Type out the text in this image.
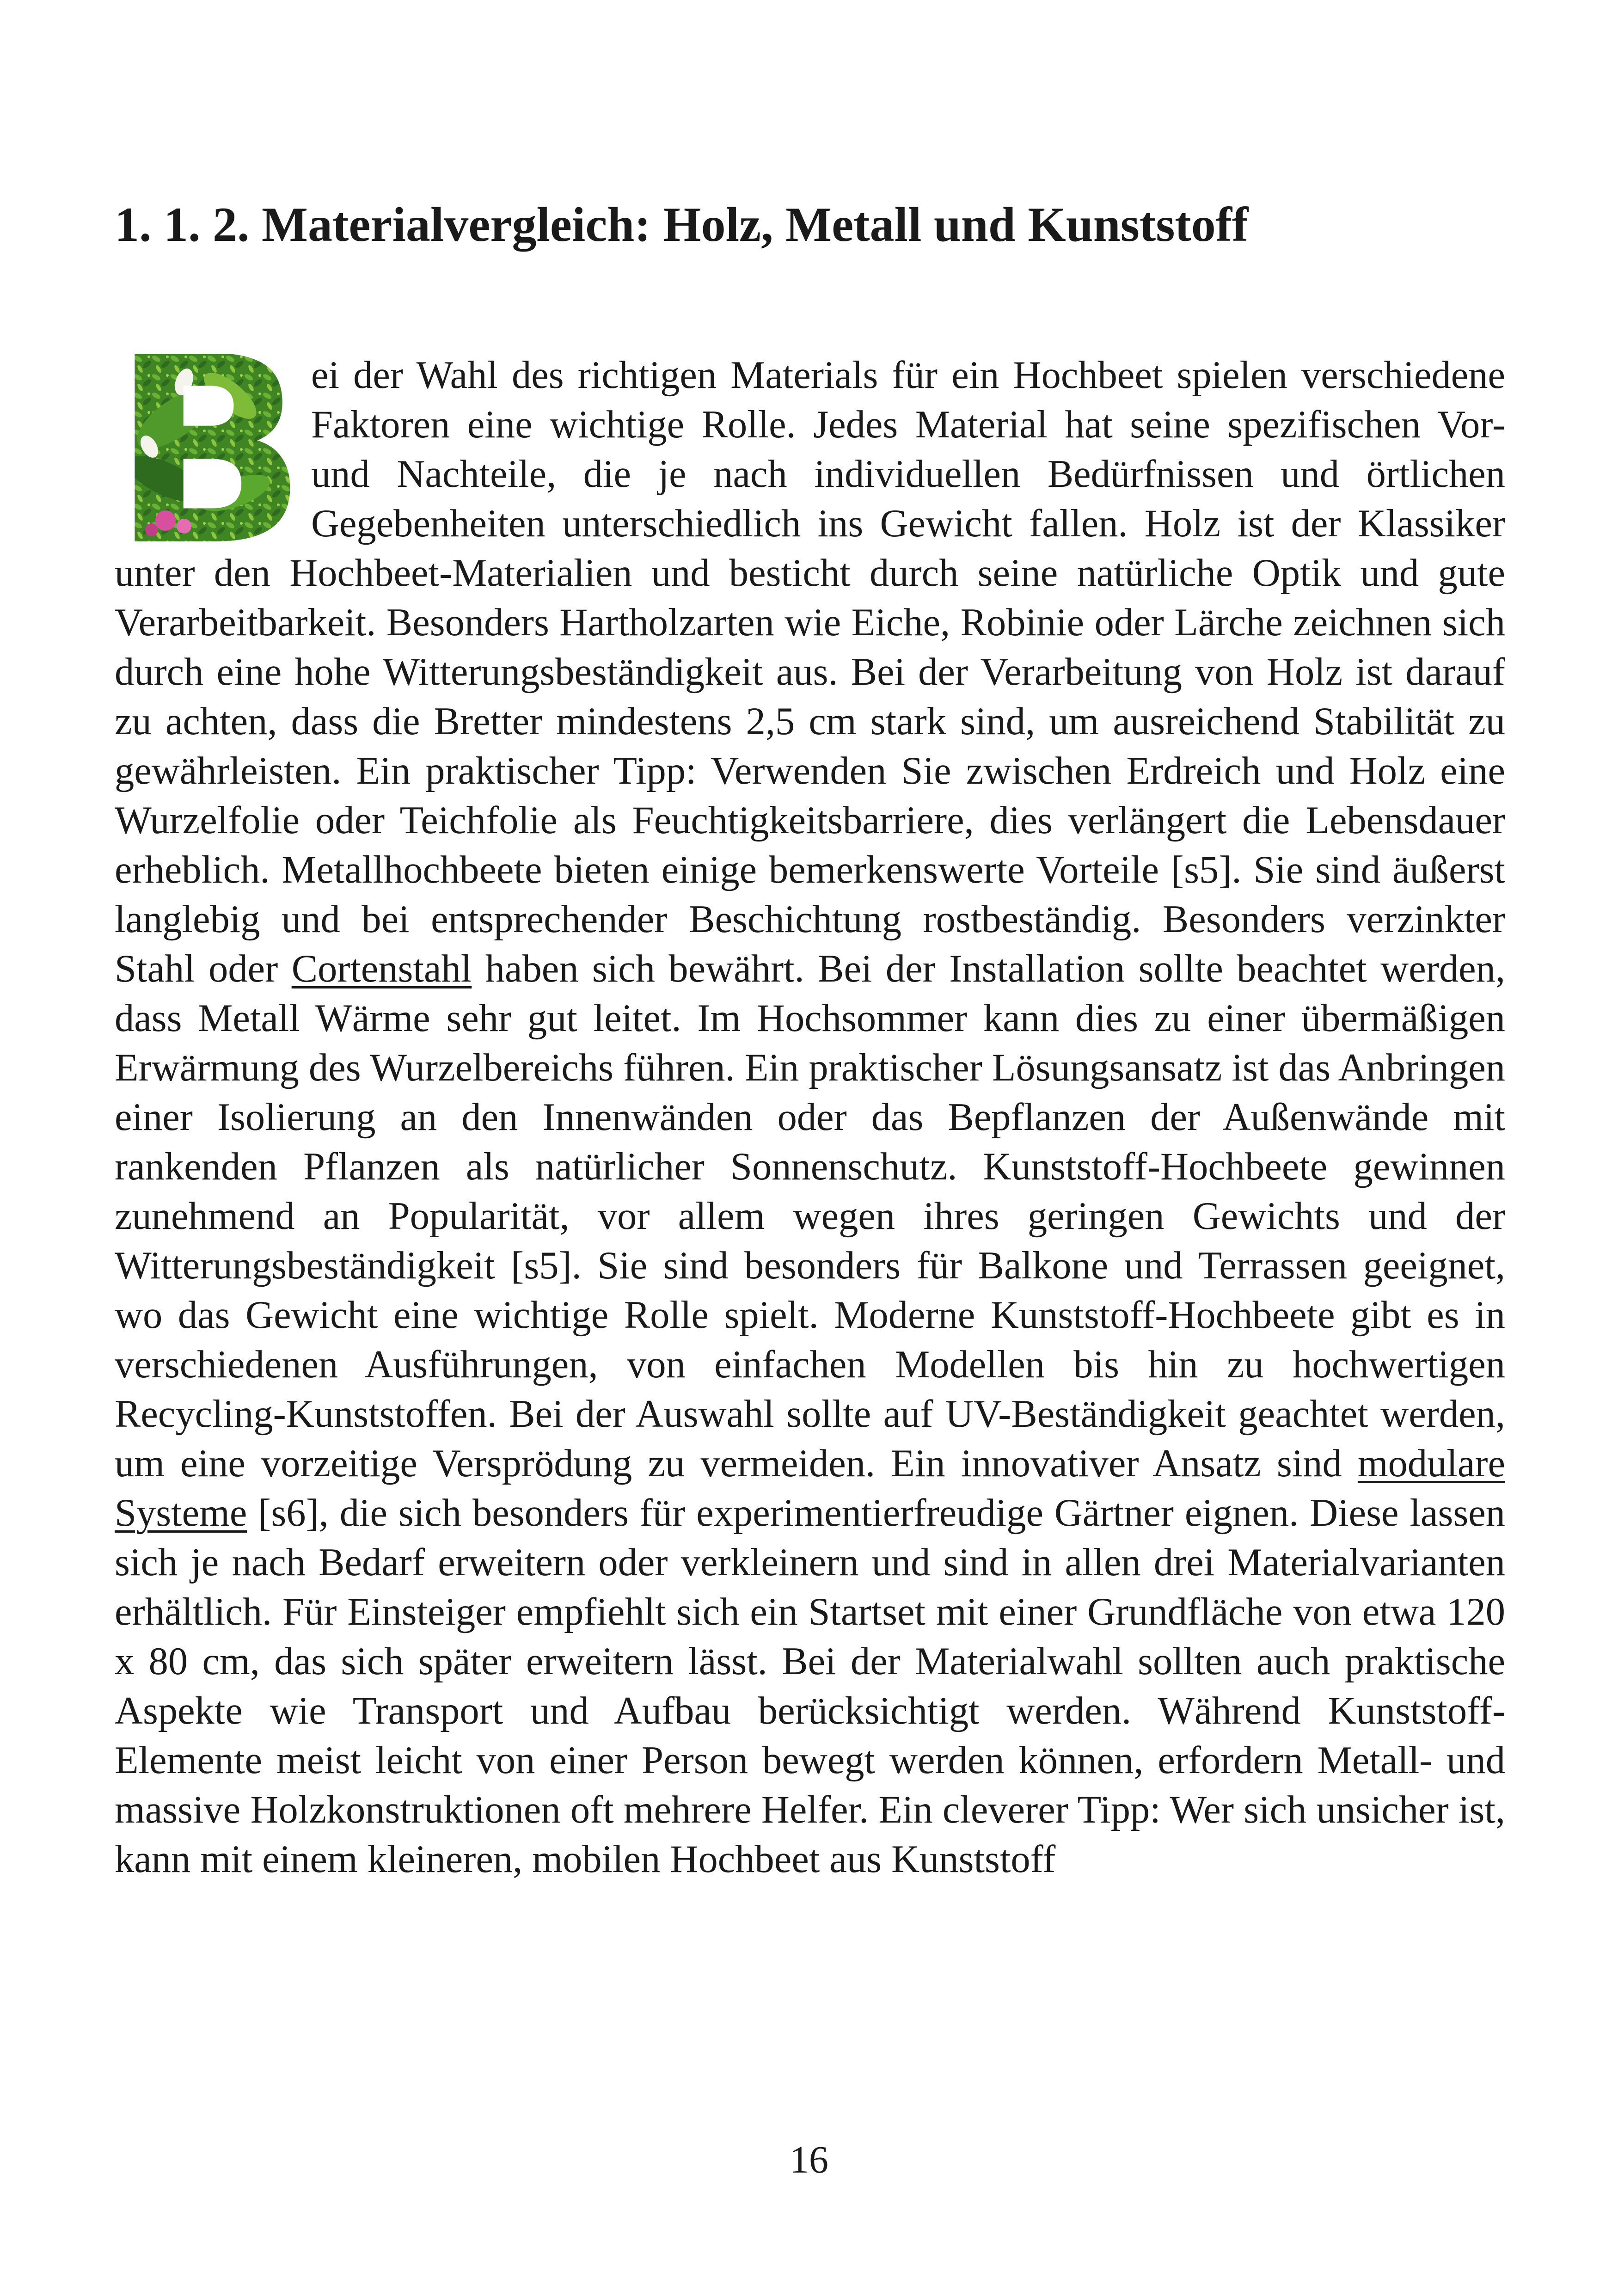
1. 1. 2. Materialvergleich: Holz, Metall und Kunststoff

ei der Wahl des richtigen Materials für ein Hochbeet spielen verschiedene Faktoren eine wichtige Rolle. Jedes Material hat seine spezifischen Vor- und Nachteile, die je nach individuellen Bedürfnissen und örtlichen Gegebenheiten unterschiedlich ins Gewicht fallen. Holz ist der Klassiker unter den Hochbeet-Materialien und besticht durch seine natürliche Optik und gute Verarbeitbarkeit. Besonders Hartholzarten wie Eiche, Robinie oder Lärche zeichnen sich durch eine hohe Witterungsbeständigkeit aus. Bei der Verarbeitung von Holz ist darauf zu achten, dass die Bretter mindestens 2,5 cm stark sind, um ausreichend Stabilität zu gewährleisten. Ein praktischer Tipp: Verwenden Sie zwischen Erdreich und Holz eine Wurzelfolie oder Teichfolie als Feuchtigkeitsbarriere, dies verlängert die Lebensdauer erheblich. Metallhochbeete bieten einige bemerkenswerte Vorteile [s5]. Sie sind äußerst langlebig und bei entsprechender Beschichtung rostbeständig. Besonders verzinkter Stahl oder Cortenstahl haben sich bewährt. Bei der Installation sollte beachtet werden, dass Metall Wärme sehr gut leitet. Im Hochsommer kann dies zu einer übermäßigen Erwärmung des Wurzelbereichs führen. Ein praktischer Lösungsansatz ist das Anbringen einer Isolierung an den Innenwänden oder das Bepflanzen der Außenwände mit rankenden Pflanzen als natürlicher Sonnenschutz. Kunststoff-Hochbeete gewinnen zunehmend an Popularität, vor allem wegen ihres geringen Gewichts und der Witterungsbeständigkeit [s5]. Sie sind besonders für Balkone und Terrassen geeignet, wo das Gewicht eine wichtige Rolle spielt. Moderne Kunststoff-Hochbeete gibt es in verschiedenen Ausführungen, von einfachen Modellen bis hin zu hochwertigen Recycling-Kunststoffen. Bei der Auswahl sollte auf UV-Beständigkeit geachtet werden, um eine vorzeitige Versprödung zu vermeiden. Ein innovativer Ansatz sind modulare Systeme [s6], die sich besonders für experimentierfreudige Gärtner eignen. Diese lassen sich je nach Bedarf erweitern oder verkleinern und sind in allen drei Materialvarianten erhältlich. Für Einsteiger empfiehlt sich ein Startset mit einer Grundfläche von etwa 120 x 80 cm, das sich später erweitern lässt. Bei der Materialwahl sollten auch praktische Aspekte wie Transport und Aufbau berücksichtigt werden. Während Kunststoff-Elemente meist leicht von einer Person bewegt werden können, erfordern Metall- und massive Holzkonstruktionen oft mehrere Helfer. Ein cleverer Tipp: Wer sich unsicher ist, kann mit einem kleineren, mobilen Hochbeet aus Kunststoff

16
